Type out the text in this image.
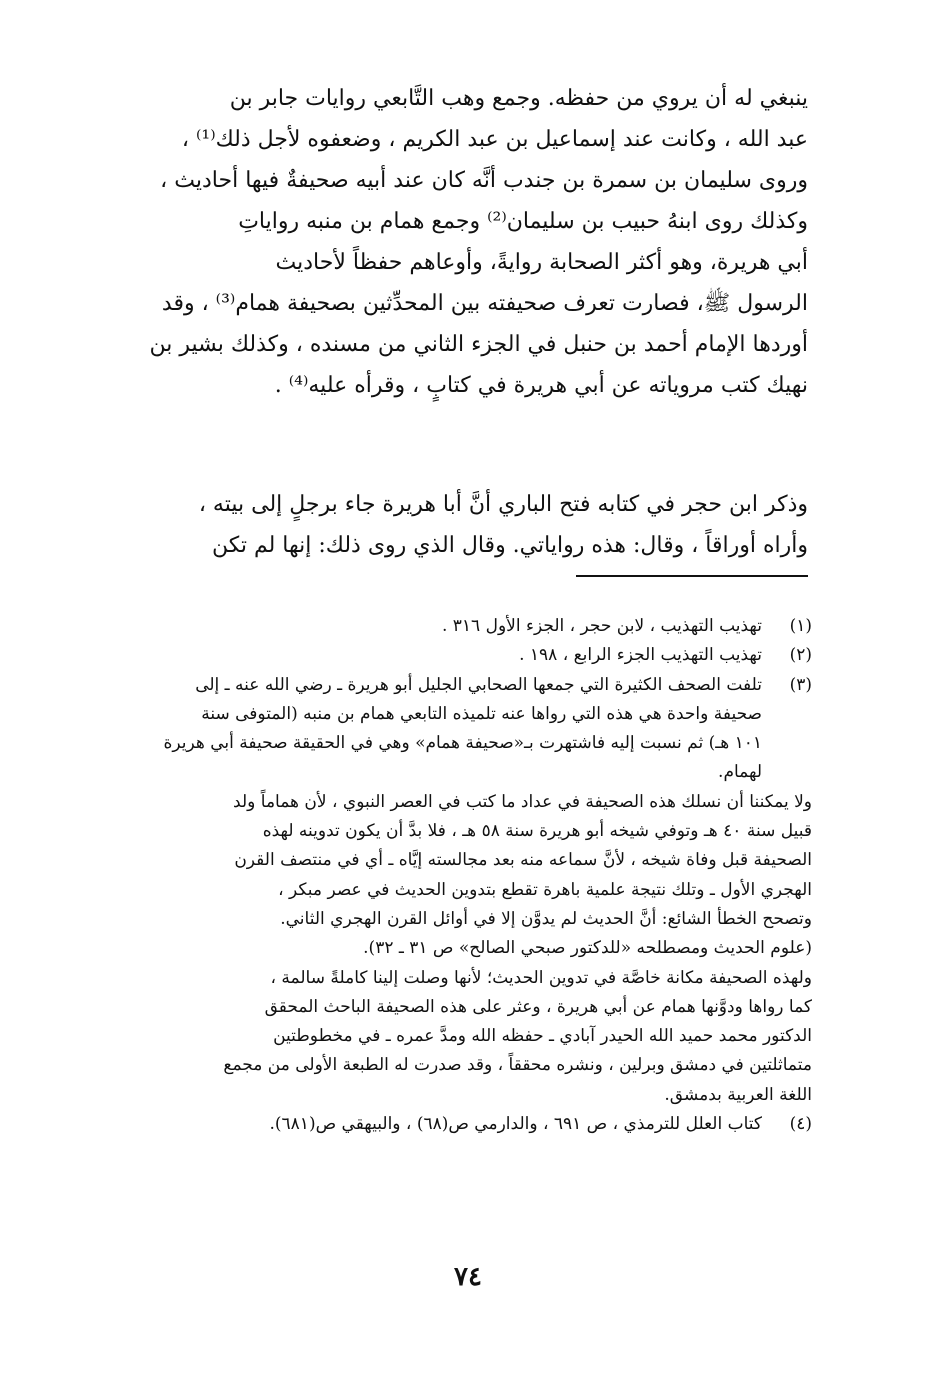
ينبغي له أن يروي من حفظه. وجمع وهب التَّابعي روايات جابر بن
عبد الله ، وكانت عند إسماعيل بن عبد الكريم ، وضعفوه لأجل ذلك⁽¹⁾ ،
وروى سليمان بن سمرة بن جندب أنَّه كان عند أبيه صحيفةٌ فيها أحاديث ،
وكذلك روى ابنهُ حبيب بن سليمان⁽²⁾ وجمع همام بن منبه رواياتِ
أبي هريرة، وهو أكثر الصحابة روايةً، وأوعاهم حفظاً لأحاديث
الرسول ﷺ، فصارت تعرف صحيفته بين المحدِّثين بصحيفة همام⁽³⁾ ، وقد
أوردها الإمام أحمد بن حنبل في الجزء الثاني من مسنده ، وكذلك بشير بن
نهيك كتب مروياته عن أبي هريرة في كتابٍ ، وقرأه عليه⁽⁴⁾ .
وذكر ابن حجر في كتابه فتح الباري أنَّ أبا هريرة جاء برجلٍ إلى بيته ،
وأراه أوراقاً ، وقال: هذه رواياتي. وقال الذي روى ذلك: إنها لم تكن
(١)
تهذيب التهذيب ، لابن حجر ، الجزء الأول ٣١٦ .
(٢)
تهذيب التهذيب الجزء الرابع ، ١٩٨ .
(٣)
تلفت الصحف الكثيرة التي جمعها الصحابي الجليل أبو هريرة ـ رضي الله عنه ـ إلى
صحيفة واحدة هي هذه التي رواها عنه تلميذه التابعي همام بن منبه (المتوفى سنة
١٠١ هـ) ثم نسبت إليه فاشتهرت بـ«صحيفة همام» وهي في الحقيقة صحيفة أبي هريرة
لهمام.
ولا يمكننا أن نسلك هذه الصحيفة في عداد ما كتب في العصر النبوي ، لأن هماماً ولد
قبيل سنة ٤٠ هـ وتوفي شيخه أبو هريرة سنة ٥٨ هـ ، فلا بدَّ أن يكون تدوينه لهذه
الصحيفة قبل وفاة شيخه ، لأنَّ سماعه منه بعد مجالسته إيَّاه ـ أي في منتصف القرن
الهجري الأول ـ وتلك نتيجة علمية باهرة تقطع بتدوين الحديث في عصر مبكر ،
وتصحح الخطأ الشائع: أنَّ الحديث لم يدوَّن إلا في أوائل القرن الهجري الثاني.
(علوم الحديث ومصطلحه «للدكتور صبحي الصالح» ص ٣١ ـ ٣٢).
ولهذه الصحيفة مكانة خاصَّة في تدوين الحديث؛ لأنها وصلت إلينا كاملةً سالمة ،
كما رواها ودوَّنها همام عن أبي هريرة ، وعثر على هذه الصحيفة الباحث المحقق
الدكتور محمد حميد الله الحيدر آبادي ـ حفظه الله ومدَّ عمره ـ في مخطوطتين
متماثلتين في دمشق وبرلين ، ونشره محققاً ، وقد صدرت له الطبعة الأولى من مجمع
اللغة العربية بدمشق.
(٤)
كتاب العلل للترمذي ، ص ٦٩١ ، والدارمي ص(٦٨) ، والبيهقي ص(٦٨١).
٧٤
